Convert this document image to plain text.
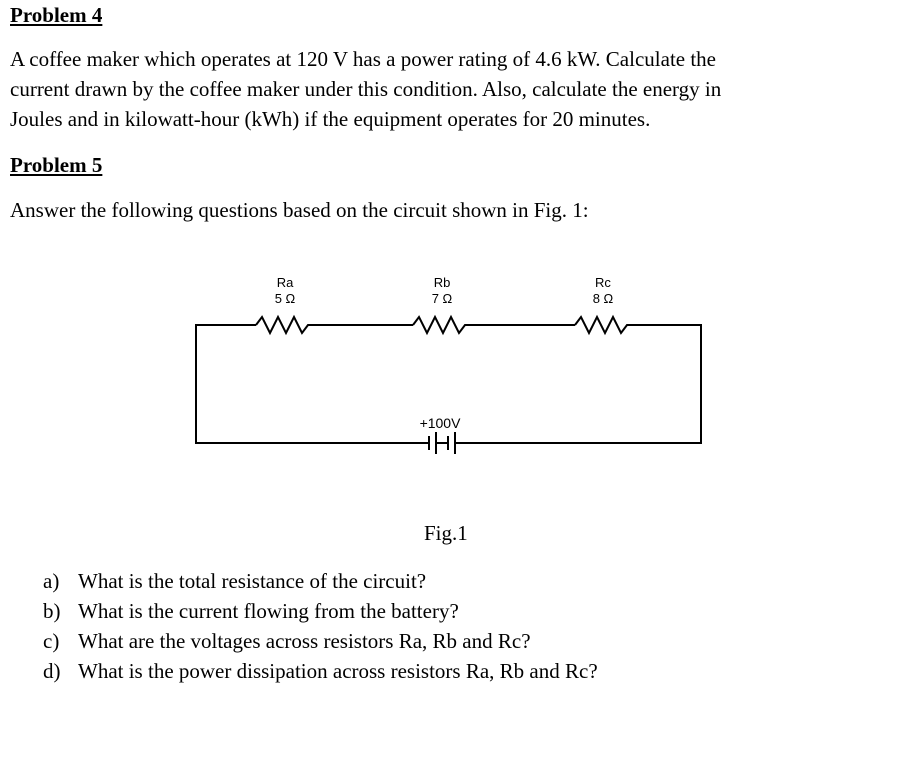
Problem 4

A coffee maker which operates at 120 V has a power rating of 4.6 kW. Calculate the

current drawn by the coffee maker under this condition. Also, calculate the energy in

Joules and in kilowatt-hour (kWh) if the equipment operates for 20 minutes.

Problem 5

Answer the following questions based on the circuit shown in Fig. 1:

Ra
5 Ω
Rb
7 Ω
Rc
8 Ω
+100V
Fig.1
a) What is the total resistance of the circuit?
b) What is the current flowing from the battery?
c) What are the voltages across resistors Ra, Rb and Rc?
d) What is the power dissipation across resistors Ra, Rb and Rc?
